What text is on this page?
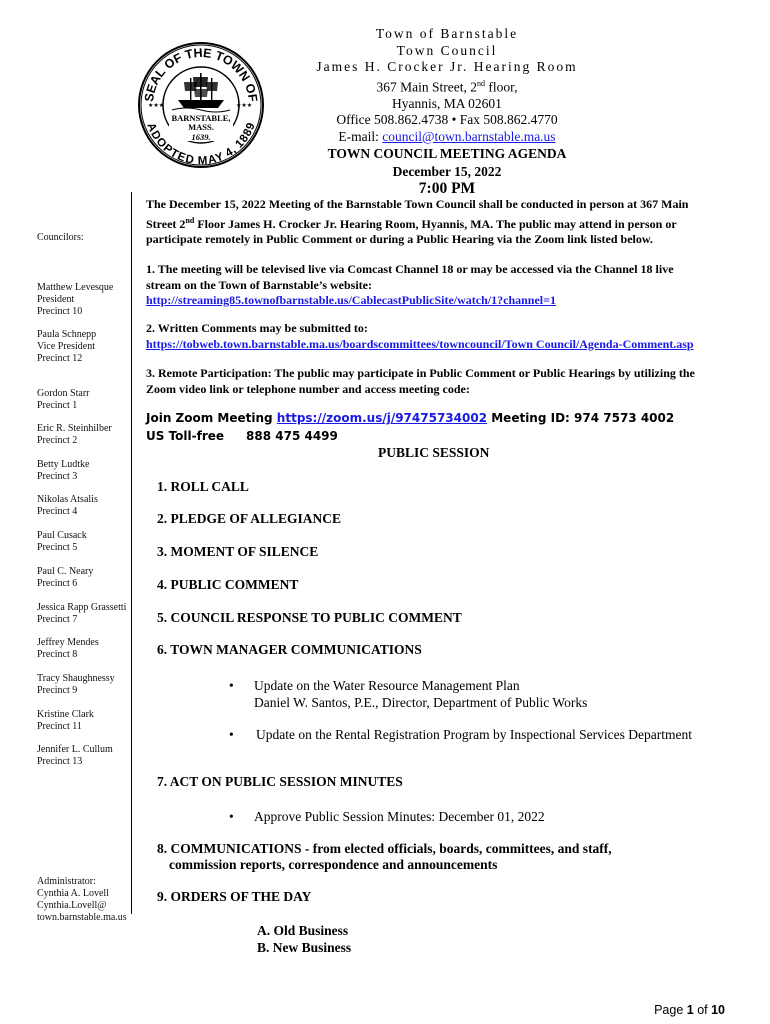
SEAL OF THE TOWN OF
ADOPTED MAY 4, 1889
★★★	★★★
BARNSTABLE,
MASS.
1639.
Town of Barnstable
Town Council
James H. Crocker Jr. Hearing Room
367 Main Street, 2nd floor,
Hyannis, MA 02601
Office 508.862.4738 • Fax 508.862.4770
E-mail: council@town.barnstable.ma.us
TOWN COUNCIL MEETING AGENDA
December 15, 2022
7:00 PM
Councilors:
Matthew Levesque
President
Precinct 10
Paula Schnepp
Vice President
Precinct 12
Gordon Starr
Precinct 1
Eric R. Steinhilber
Precinct 2
Betty Ludtke
Precinct 3
Nikolas Atsalis
Precinct 4
Paul Cusack
Precinct 5
Paul C. Neary
Precinct 6
Jessica Rapp Grassetti
Precinct 7
Jeffrey Mendes
Precinct 8
Tracy Shaughnessy
Precinct 9
Kristine Clark
Precinct 11
Jennifer L. Cullum
Precinct 13
Administrator:
Cynthia A. Lovell
Cynthia.Lovell@
town.barnstable.ma.us
The December 15, 2022 Meeting of the Barnstable Town Council shall be conducted in person at 367 Main
Street 2nd Floor James H. Crocker Jr. Hearing Room, Hyannis, MA. The public may attend in person or
participate remotely in Public Comment or during a Public Hearing via the Zoom link listed below.
1. The meeting will be televised live via Comcast Channel 18 or may be accessed via the Channel 18 live
stream on the Town of Barnstable’s website:
http://streaming85.townofbarnstable.us/CablecastPublicSite/watch/1?channel=1
2. Written Comments may be submitted to:
https://tobweb.town.barnstable.ma.us/boardscommittees/towncouncil/Town Council/Agenda-Comment.asp
3. Remote Participation: The public may participate in Public Comment or Public Hearings by utilizing the
Zoom video link or telephone number and access meeting code:
Join Zoom Meeting https://zoom.us/j/97475734002 Meeting ID: 974 7573 4002
US Toll-free 888 475 4499
PUBLIC SESSION
1. ROLL CALL
2. PLEDGE OF ALLEGIANCE
3. MOMENT OF SILENCE
4. PUBLIC COMMENT
5. COUNCIL RESPONSE TO PUBLIC COMMENT
6. TOWN MANAGER COMMUNICATIONS
• Update on the Water Resource Management Plan
Daniel W. Santos, P.E., Director, Department of Public Works
• Update on the Rental Registration Program by Inspectional Services Department
7. ACT ON PUBLIC SESSION MINUTES
• Approve Public Session Minutes: December 01, 2022
8. COMMUNICATIONS - from elected officials, boards, committees, and staff,
commission reports, correspondence and announcements
9. ORDERS OF THE DAY
A. Old Business
B. New Business
Page 1 of 10
